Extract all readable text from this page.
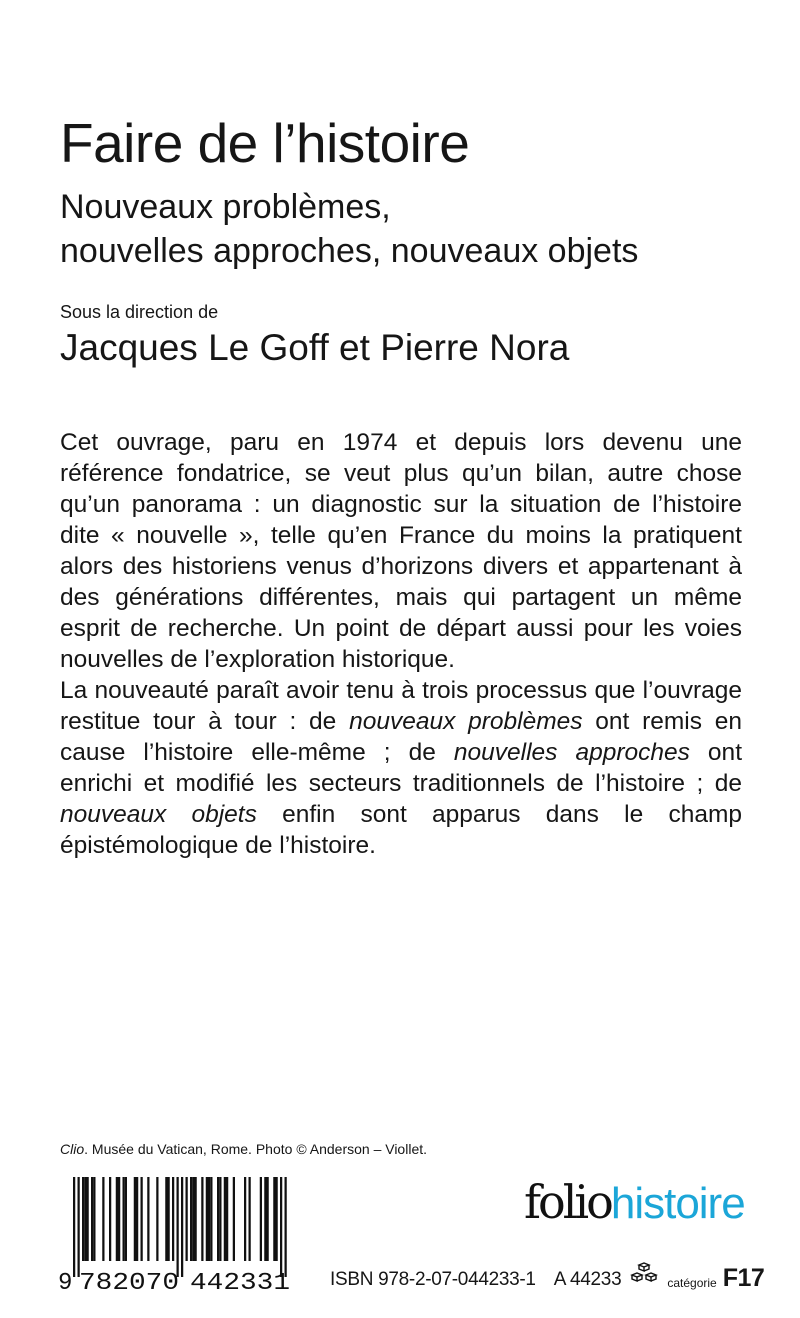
Faire de l’histoire
Nouveaux problèmes,
nouvelles approches, nouveaux objets
Sous la direction de
Jacques Le Goff et Pierre Nora

Cet ouvrage, paru en 1974 et depuis lors devenu une référence fondatrice, se veut plus qu’un bilan, autre chose qu’un panorama : un diagnostic sur la situation de l’histoire dite « nouvelle », telle qu’en France du moins la pratiquent alors des historiens venus d’horizons divers et appartenant à des générations différentes, mais qui partagent un même esprit de recherche. Un point de départ aussi pour les voies nouvelles de l’exploration historique.

La nouveauté paraît avoir tenu à trois processus que l’ouvrage restitue tour à tour : de nouveaux problèmes ont remis en cause l’histoire elle-même ; de nouvelles approches ont enrichi et modifié les secteurs traditionnels de l’histoire ; de nouveaux objets enfin sont apparus dans le champ épistémologique de l’histoire.

Clio. Musée du Vatican, Rome. Photo © Anderson – Viollet.
9 782070 442331
foliohistoire
ISBN 978-2-07-044233-1 A 44233	catégorie F17
